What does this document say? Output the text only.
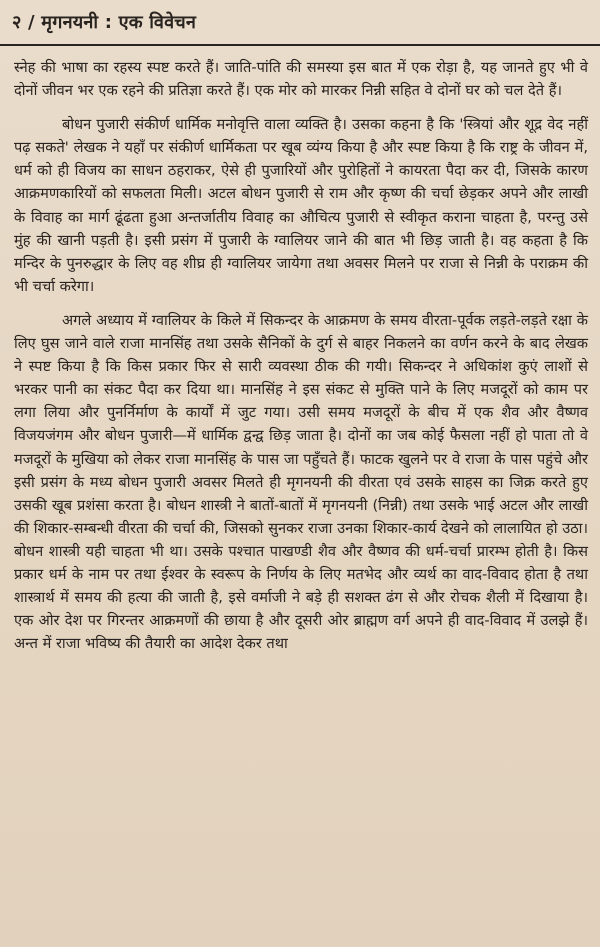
२ / मृगनयनी : एक विवेचन

स्नेह की भाषा का रहस्य स्पष्ट करते हैं। जाति-पांति की समस्या इस बात में एक रोड़ा है, यह जानते हुए भी वे दोनों जीवन भर एक रहने की प्रतिज्ञा करते हैं। एक मोर को मारकर निन्नी सहित वे दोनों घर को चल देते हैं।

बोधन पुजारी संकीर्ण धार्मिक मनोवृत्ति वाला व्यक्ति है। उसका कहना है कि 'स्त्रियां और शूद्र वेद नहीं पढ़ सकते' लेखक ने यहाँ पर संकीर्ण धार्मिकता पर खूब व्यंग्य किया है और स्पष्ट किया है कि राष्ट्र के जीवन में, धर्म को ही विजय का साधन ठहराकर, ऐसे ही पुजारियों और पुरोहितों ने कायरता पैदा कर दी, जिसके कारण आक्रमणकारियों को सफलता मिली। अटल बोधन पुजारी से राम और कृष्ण की चर्चा छेड़कर अपने और लाखी के विवाह का मार्ग ढूंढता हुआ अन्तर्जातीय विवाह का औचित्य पुजारी से स्वीकृत कराना चाहता है, परन्तु उसे मुंह की खानी पड़ती है। इसी प्रसंग में पुजारी के ग्वालियर जाने की बात भी छिड़ जाती है। वह कहता है कि मन्दिर के पुनरुद्धार के लिए वह शीघ्र ही ग्वालियर जायेगा तथा अवसर मिलने पर राजा से निन्नी के पराक्रम की भी चर्चा करेगा।

अगले अध्याय में ग्वालियर के किले में सिकन्दर के आक्रमण के समय वीरता-पूर्वक लड़ते-लड़ते रक्षा के लिए घुस जाने वाले राजा मानसिंह तथा उसके सैनिकों के दुर्ग से बाहर निकलने का वर्णन करने के बाद लेखक ने स्पष्ट किया है कि किस प्रकार फिर से सारी व्यवस्था ठीक की गयी। सिकन्दर ने अधिकांश कुएं लाशों से भरकर पानी का संकट पैदा कर दिया था। मानसिंह ने इस संकट से मुक्ति पाने के लिए मजदूरों को काम पर लगा लिया और पुनर्निर्माण के कार्यों में जुट गया। उसी समय मजदूरों के बीच में एक शैव और वैष्णव विजयजंगम और बोधन पुजारी—में धार्मिक द्वन्द्व छिड़ जाता है। दोनों का जब कोई फैसला नहीं हो पाता तो वे मजदूरों के मुखिया को लेकर राजा मानसिंह के पास जा पहुँचते हैं। फाटक खुलने पर वे राजा के पास पहुंचे और इसी प्रसंग के मध्य बोधन पुजारी अवसर मिलते ही मृगनयनी की वीरता एवं उसके साहस का जिक्र करते हुए उसकी खूब प्रशंसा करता है। बोधन शास्त्री ने बातों-बातों में मृगनयनी (निन्नी) तथा उसके भाई अटल और लाखी की शिकार-सम्बन्धी वीरता की चर्चा की, जिसको सुनकर राजा उनका शिकार-कार्य देखने को लालायित हो उठा। बोधन शास्त्री यही चाहता भी था। उसके पश्चात पाखण्डी शैव और वैष्णव की धर्म-चर्चा प्रारम्भ होती है। किस प्रकार धर्म के नाम पर तथा ईश्वर के स्वरूप के निर्णय के लिए मतभेद और व्यर्थ का वाद-विवाद होता है तथा शास्त्रार्थ में समय की हत्या की जाती है, इसे वर्माजी ने बड़े ही सशक्त ढंग से और रोचक शैली में दिखाया है। एक ओर देश पर गिरन्तर आक्रमणों की छाया है और दूसरी ओर ब्राह्मण वर्ग अपने ही वाद-विवाद में उलझे हैं। अन्त में राजा भविष्य की तैयारी का आदेश देकर तथा
